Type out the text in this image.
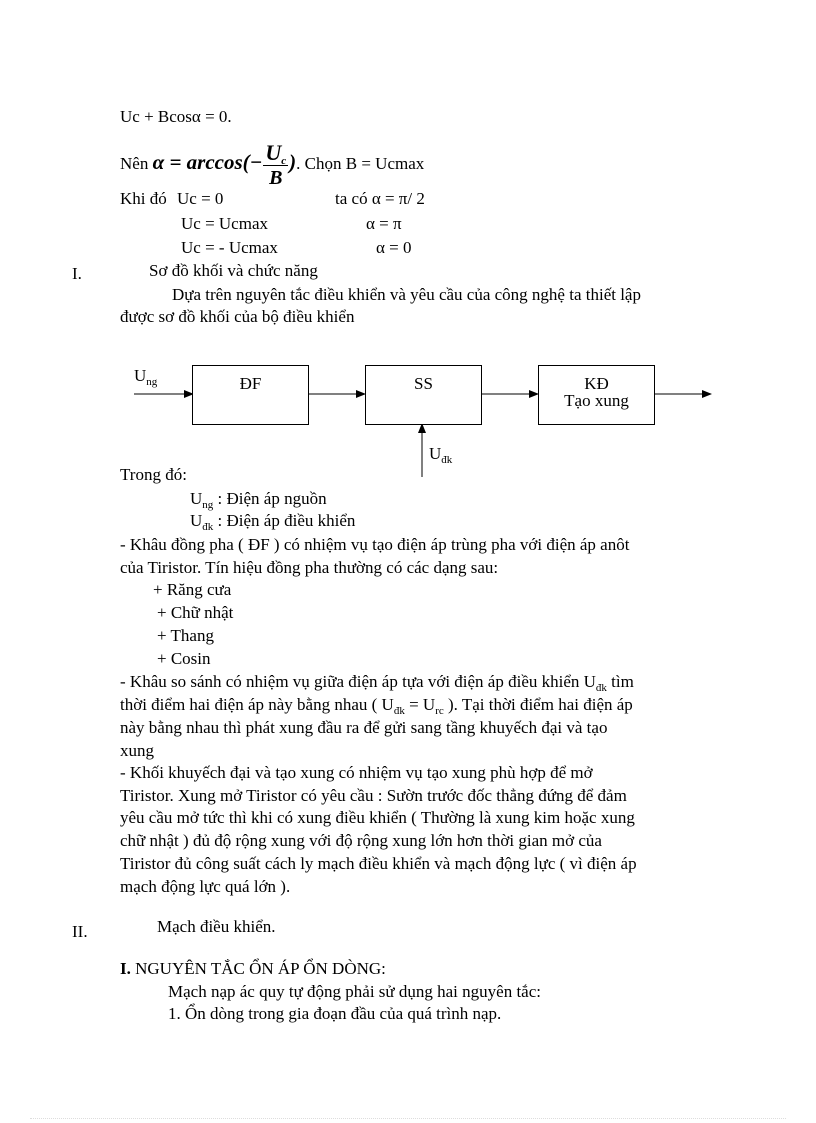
Uc + Bcosα = 0.
Nên $\alpha = \arccos(- \frac{U_c}{B}$ ). Chọn B = Ucmax
Khi đó Uc = 0	ta có α = π/ 2
Uc = Ucmax	α = π
Uc = - Ucmax	α = 0
I.	Sơ đồ khối và chức năng
Dựa trên nguyên tắc điều khiển và yêu cầu của công nghệ ta thiết lập
được sơ đồ khối của bộ điều khiển
$U_{ng}$	ĐF	SS	KĐ
Tạo xung
$U_{đk}$
Trong đó:
$U_{ng}$ : Điện áp nguồn
$U_{đk}$ : Điện áp điều khiển
- Khâu đồng pha ( ĐF ) có nhiệm vụ tạo điện áp trùng pha với điện áp anôt
của Tiristor. Tín hiệu đồng pha thường có các dạng sau:
+ Răng cưa
+ Chữ nhật
+ Thang
+ Cosin
- Khâu so sánh có nhiệm vụ giữa điện áp tựa với điện áp điều khiển $U_{đk}$ tìm
thời điểm hai điện áp này bằng nhau ( $U_{đk} = U_{rc}$ ). Tại thời điểm hai điện áp
này bằng nhau thì phát xung đầu ra để gửi sang tầng khuyếch đại và tạo
xung
- Khối khuyếch đại và tạo xung có nhiệm vụ tạo xung phù hợp để mở
Tiristor. Xung mở Tiristor có yêu cầu : Sườn trước đốc thẳng đứng để đảm
yêu cầu mở tức thì khi có xung điều khiển ( Thường là xung kim hoặc xung
chữ nhật ) đủ độ rộng xung với độ rộng xung lớn hơn thời gian mở của
Tiristor đủ công suất cách ly mạch điều khiển và mạch động lực ( vì điện áp
mạch động lực quá lớn ).
II.	Mạch điều khiển.
I. NGUYÊN TẮC ỔN ÁP ỔN DÒNG:
Mạch nạp ác quy tự động phải sử dụng hai nguyên tắc:
1. Ổn dòng trong gia đoạn đầu của quá trình nạp.
